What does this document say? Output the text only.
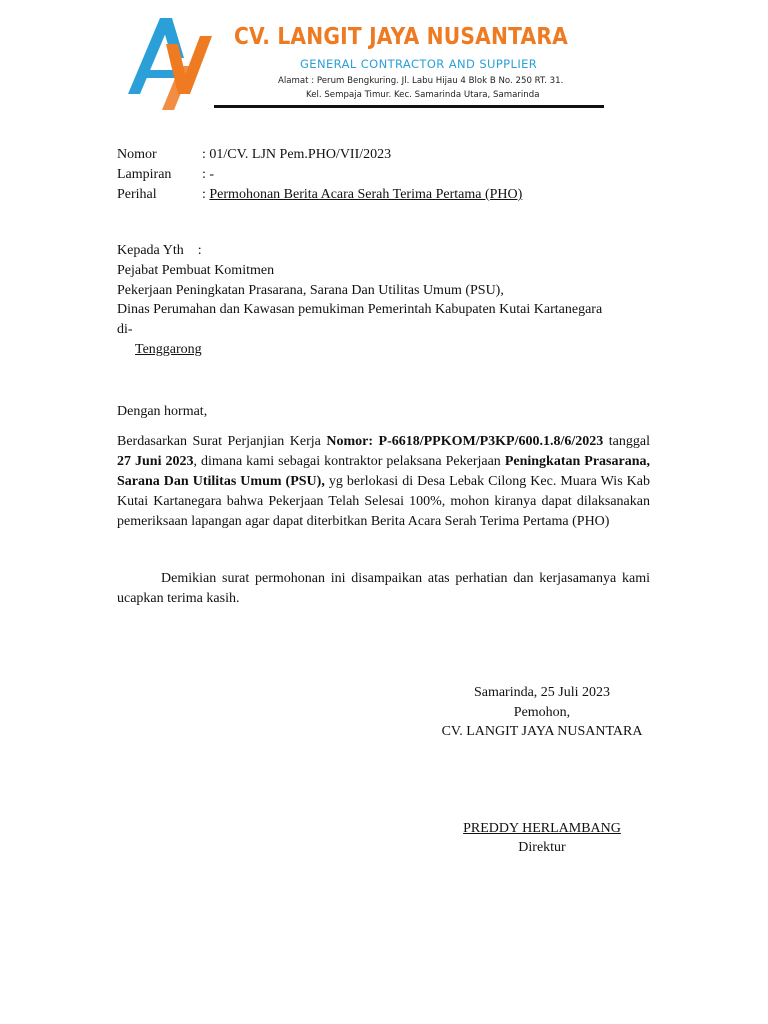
CV. LANGIT JAYA NUSANTARA
GENERAL CONTRACTOR AND SUPPLIER
Alamat : Perum Bengkuring. Jl. Labu Hijau 4 Blok B No. 250 RT. 31.
Kel. Sempaja Timur. Kec. Samarinda Utara, Samarinda
Nomor	: 01/CV. LJN Pem.PHO/VII/2023
Lampiran : -
Perihal	: Permohonan Berita Acara Serah Terima Pertama (PHO)
Kepada Yth    :
Pejabat Pembuat Komitmen
Pekerjaan Peningkatan Prasarana, Sarana Dan Utilitas Umum (PSU),
Dinas Perumahan dan Kawasan pemukiman Pemerintah Kabupaten Kutai Kartanegara
di-
Tenggarong
Dengan hormat,
Berdasarkan Surat Perjanjian Kerja Nomor: P-6618/PPKOM/P3KP/600.1.8/6/2023 tanggal 27 Juni 2023, dimana kami sebagai kontraktor pelaksana Pekerjaan Peningkatan Prasarana, Sarana Dan Utilitas Umum (PSU), yg berlokasi di Desa Lebak Cilong Kec. Muara Wis Kab Kutai Kartanegara bahwa Pekerjaan Telah Selesai 100%, mohon kiranya dapat dilaksanakan pemeriksaan lapangan agar dapat diterbitkan Berita Acara Serah Terima Pertama (PHO)
Demikian surat permohonan ini disampaikan atas perhatian dan kerjasamanya kami ucapkan terima kasih.
Samarinda, 25 Juli 2023
Pemohon,
CV. LANGIT JAYA NUSANTARA
PREDDY HERLAMBANG
Direktur
